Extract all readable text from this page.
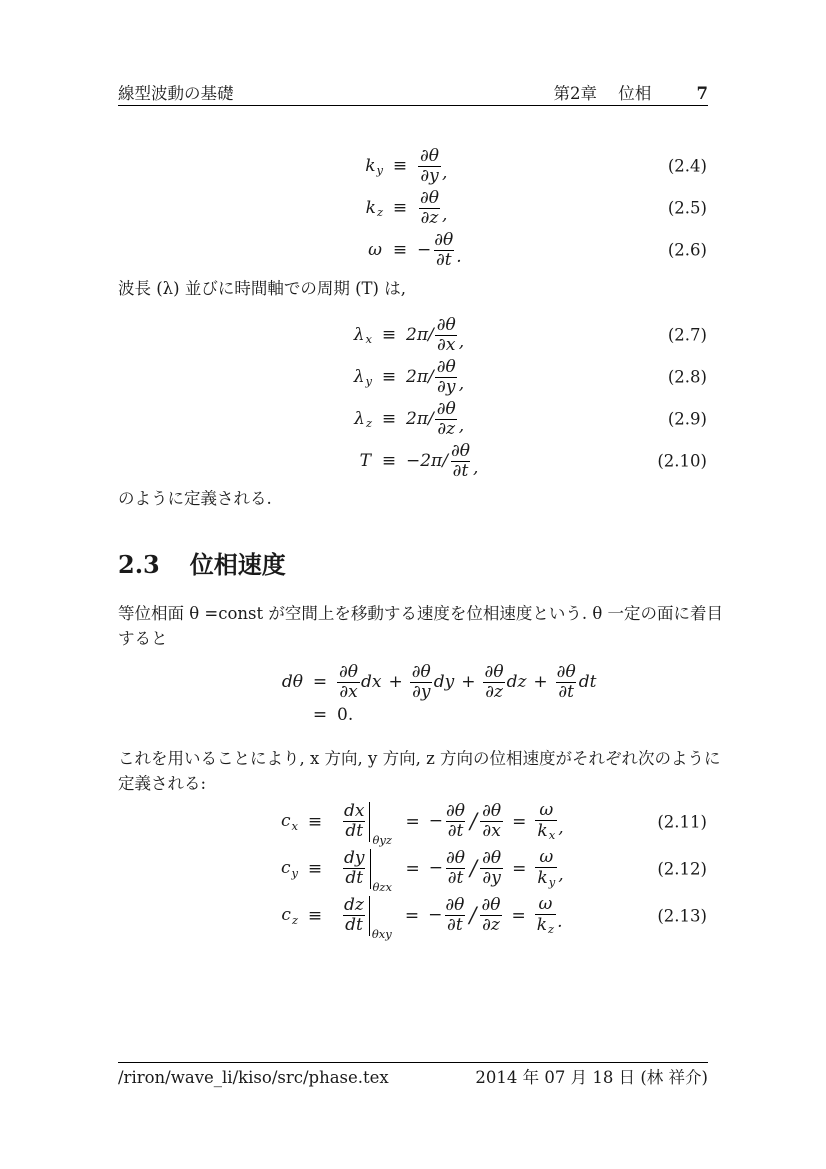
線型波動の基礎	第2章 位相	7
k $y \equiv \frac{\partial\theta}{\partial y}$ ,	(2.4)
k $z \equiv \frac{\partial\theta}{\partial z}$ ,	(2.5)
ω ≡ − $\frac{\partial\theta}{\partial t}$ .	(2.6)
波長 (λ) 並びに時間軸での周期 (T) は,
λ $x \equiv 2\pi/ \frac{\partial\theta}{\partial x}$ ,	(2.7)
λ $y \equiv 2\pi/ \frac{\partial\theta}{\partial y}$ ,	(2.8)
λ $z \equiv 2\pi/ \frac{\partial\theta}{\partial z}$ ,	(2.9)
$T \equiv -2\pi/ \frac{\partial\theta}{\partial t}$ ,	(2.10)
のように定義される.
2.3 位相速度
等位相面 θ =const が空間上を移動する速度を位相速度という. θ 一定の面に着目
すると
$d\theta = \frac{\partial\theta}{\partial x}$ dx + $\frac{\partial\theta}{\partial y}$ dy + $\frac{\partial\theta}{\partial z}$ dz + $\frac{\partial\theta}{\partial t}$ dt
= 0.
これを用いることにより, x 方向, y 方向, z 方向の位相速度がそれぞれ次のように
定義される:
c x ≡	$\frac{dx}{dt}$ θyz
= − $\frac{\partial\theta}{\partial t} / \frac{\partial\theta}{\partial x} = \frac{\omega}{kx}$ ,	(2.11)
c y ≡	$\frac{dy}{dt}$ θzx
= − $\frac{\partial\theta}{\partial t} / \frac{\partial\theta}{\partial y} = \frac{\omega}{ky}$ ,	(2.12)
c z ≡	$\frac{dz}{dt}$ θxy
= − $\frac{\partial\theta}{\partial t} / \frac{\partial\theta}{\partial z} = \frac{\omega}{kz}$ .	(2.13)
/riron/wave_li/kiso/src/phase.tex	2014 年 07 月 18 日 (林 祥介)
